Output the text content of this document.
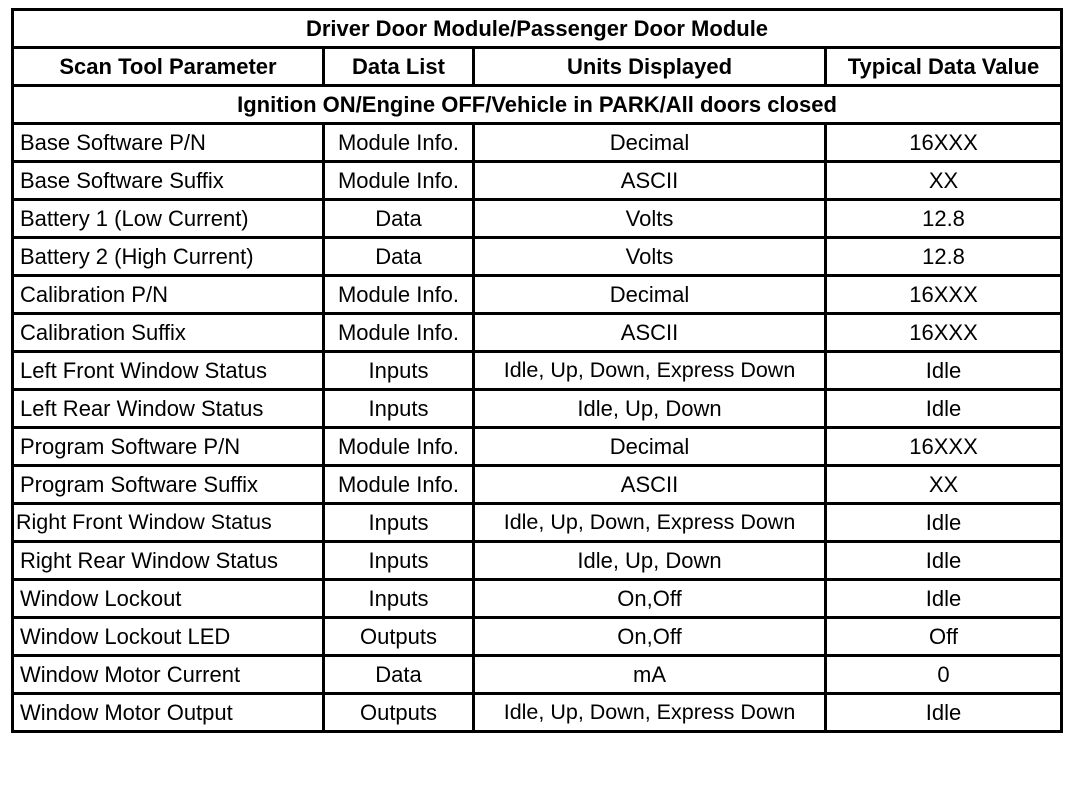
Driver Door Module/Passenger Door Module			
Scan Tool Parameter	Data List	Units Displayed	Typical Data Value
Ignition ON/Engine OFF/Vehicle in PARK/All doors closed			
Base Software P/N	Module Info.	Decimal	16XXX
Base Software Suffix	Module Info.	ASCII	XX
Battery 1 (Low Current)	Data	Volts	12.8
Battery 2 (High Current)	Data	Volts	12.8
Calibration P/N	Module Info.	Decimal	16XXX
Calibration Suffix	Module Info.	ASCII	16XXX
Left Front Window Status	Inputs	Idle, Up, Down, Express Down	Idle
Left Rear Window Status	Inputs	Idle, Up, Down	Idle
Program Software P/N	Module Info.	Decimal	16XXX
Program Software Suffix	Module Info.	ASCII	XX
Right Front Window Status	Inputs	Idle, Up, Down, Express Down	Idle
Right Rear Window Status	Inputs	Idle, Up, Down	Idle
Window Lockout	Inputs	On,Off	Idle
Window Lockout LED	Outputs	On,Off	Off
Window Motor Current	Data	mA	0
Window Motor Output	Outputs	Idle, Up, Down, Express Down	Idle
